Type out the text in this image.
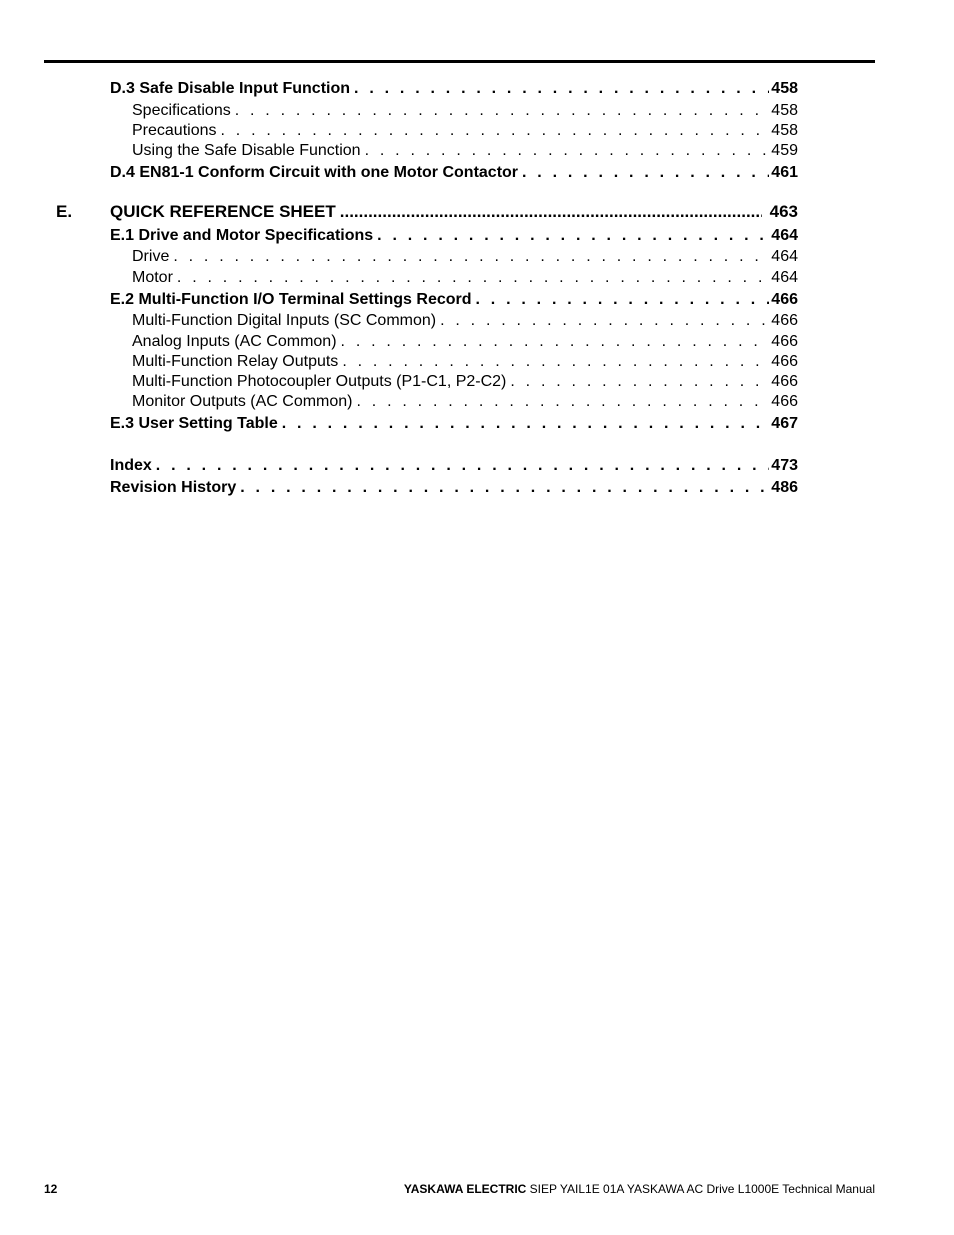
D.3 Safe Disable Input Function . . .	458
Specifications . . .	458
Precautions . . .	458
Using the Safe Disable Function . . .	459
D.4 EN81-1 Conform Circuit with one Motor Contactor . . .	461
E. QUICK REFERENCE SHEET .....	463
E.1 Drive and Motor Specifications . . .	464
Drive . . .	464
Motor . . .	464
E.2 Multi-Function I/O Terminal Settings Record . . .	466
Multi-Function Digital Inputs (SC Common) . . .	466
Analog Inputs (AC Common) . . .	466
Multi-Function Relay Outputs . . .	466
Multi-Function Photocoupler Outputs (P1-C1, P2-C2) . . .	466
Monitor Outputs (AC Common) . . .	466
E.3 User Setting Table . . .	467
Index . . .	473
Revision History . . .	486
12	YASKAWA ELECTRIC SIEP YAIL1E 01A YASKAWA AC Drive L1000E Technical Manual
